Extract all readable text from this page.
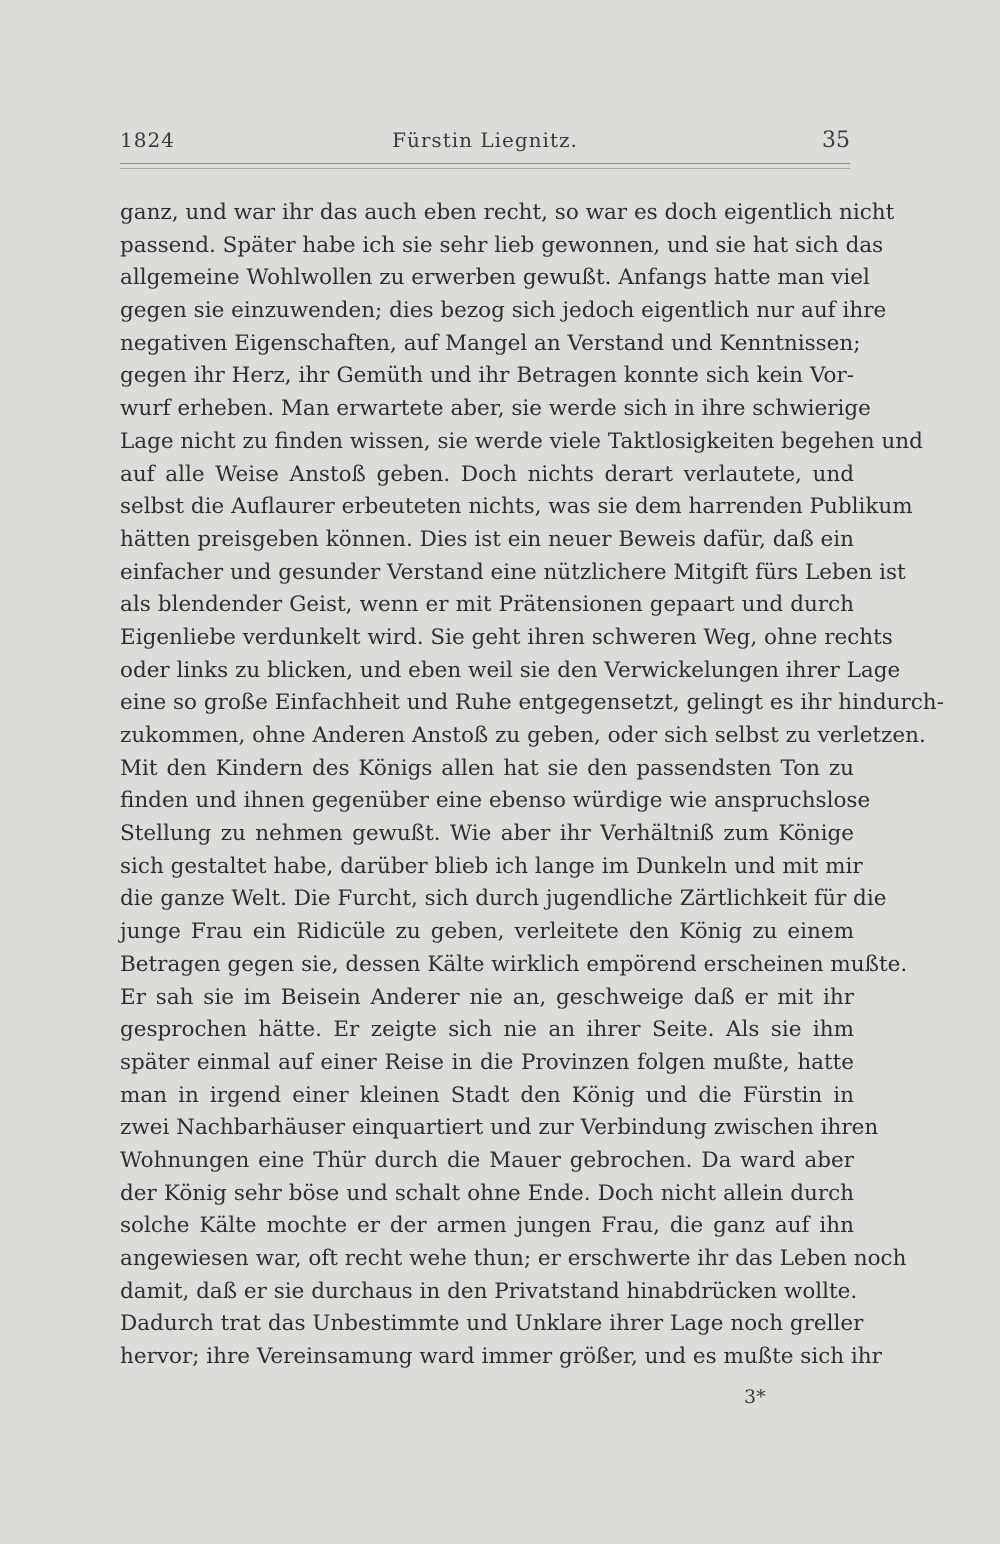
1824	Fürstin Liegnitz.	35
ganz, und war ihr das auch eben recht, so war es doch eigentlich nicht
passend. Später habe ich sie sehr lieb gewonnen, und sie hat sich das
allgemeine Wohlwollen zu erwerben gewußt. Anfangs hatte man viel
gegen sie einzuwenden; dies bezog sich jedoch eigentlich nur auf ihre
negativen Eigenschaften, auf Mangel an Verstand und Kenntnissen;
gegen ihr Herz, ihr Gemüth und ihr Betragen konnte sich kein Vor-
wurf erheben. Man erwartete aber, sie werde sich in ihre schwierige
Lage nicht zu finden wissen, sie werde viele Taktlosigkeiten begehen und
auf alle Weise Anstoß geben. Doch nichts derart verlautete, und
selbst die Auflaurer erbeuteten nichts, was sie dem harrenden Publikum
hätten preisgeben können. Dies ist ein neuer Beweis dafür, daß ein
einfacher und gesunder Verstand eine nützlichere Mitgift fürs Leben ist
als blendender Geist, wenn er mit Prätensionen gepaart und durch
Eigenliebe verdunkelt wird. Sie geht ihren schweren Weg, ohne rechts
oder links zu blicken, und eben weil sie den Verwickelungen ihrer Lage
eine so große Einfachheit und Ruhe entgegensetzt, gelingt es ihr hindurch-
zukommen, ohne Anderen Anstoß zu geben, oder sich selbst zu verletzen.
Mit den Kindern des Königs allen hat sie den passendsten Ton zu
finden und ihnen gegenüber eine ebenso würdige wie anspruchslose
Stellung zu nehmen gewußt. Wie aber ihr Verhältniß zum Könige
sich gestaltet habe, darüber blieb ich lange im Dunkeln und mit mir
die ganze Welt. Die Furcht, sich durch jugendliche Zärtlichkeit für die
junge Frau ein Ridicüle zu geben, verleitete den König zu einem
Betragen gegen sie, dessen Kälte wirklich empörend erscheinen mußte.
Er sah sie im Beisein Anderer nie an, geschweige daß er mit ihr
gesprochen hätte. Er zeigte sich nie an ihrer Seite. Als sie ihm
später einmal auf einer Reise in die Provinzen folgen mußte, hatte
man in irgend einer kleinen Stadt den König und die Fürstin in
zwei Nachbarhäuser einquartiert und zur Verbindung zwischen ihren
Wohnungen eine Thür durch die Mauer gebrochen. Da ward aber
der König sehr böse und schalt ohne Ende. Doch nicht allein durch
solche Kälte mochte er der armen jungen Frau, die ganz auf ihn
angewiesen war, oft recht wehe thun; er erschwerte ihr das Leben noch
damit, daß er sie durchaus in den Privatstand hinabdrücken wollte.
Dadurch trat das Unbestimmte und Unklare ihrer Lage noch greller
hervor; ihre Vereinsamung ward immer größer, und es mußte sich ihr
3*
